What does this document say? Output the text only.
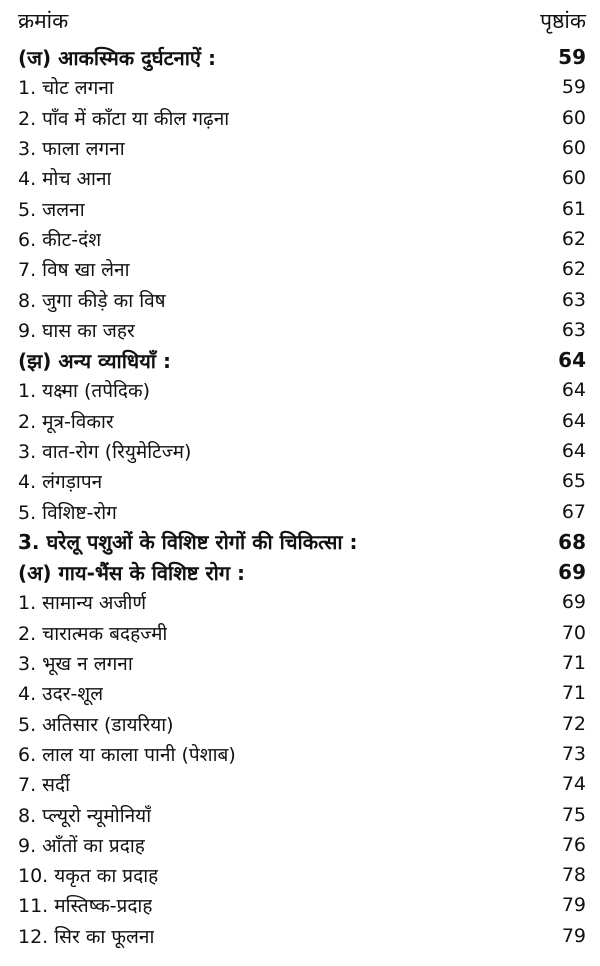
क्रमांक	पृष्ठांक
(ज) आकस्मिक दुर्घटनाऐं :	59
1. चोट लगना	59
2. पाँव में काँटा या कील गढ़ना	60
3. फाला लगना	60
4. मोच आना	60
5. जलना	61
6. कीट-दंश	62
7. विष खा लेना	62
8. जुगा कीड़े का विष	63
9. घास का जहर	63
(झ) अन्य व्याधियाँ :	64
1. यक्ष्मा (तपेदिक)	64
2. मूत्र-विकार	64
3. वात-रोग (रियुमेटिज्म)	64
4. लंगड़ापन	65
5. विशिष्ट-रोग	67
3. घरेलू पशुओं के विशिष्ट रोगों की चिकित्सा :	68
(अ) गाय-भैंस के विशिष्ट रोग :	69
1. सामान्य अजीर्ण	69
2. चारात्मक बदहज्मी	70
3. भूख न लगना	71
4. उदर-शूल	71
5. अतिसार (डायरिया)	72
6. लाल या काला पानी (पेशाब)	73
7. सर्दी	74
8. प्ल्यूरो न्यूमोनियाँ	75
9. आँतों का प्रदाह	76
10. यकृत का प्रदाह	78
11. मस्तिष्क-प्रदाह	79
12. सिर का फूलना	79
